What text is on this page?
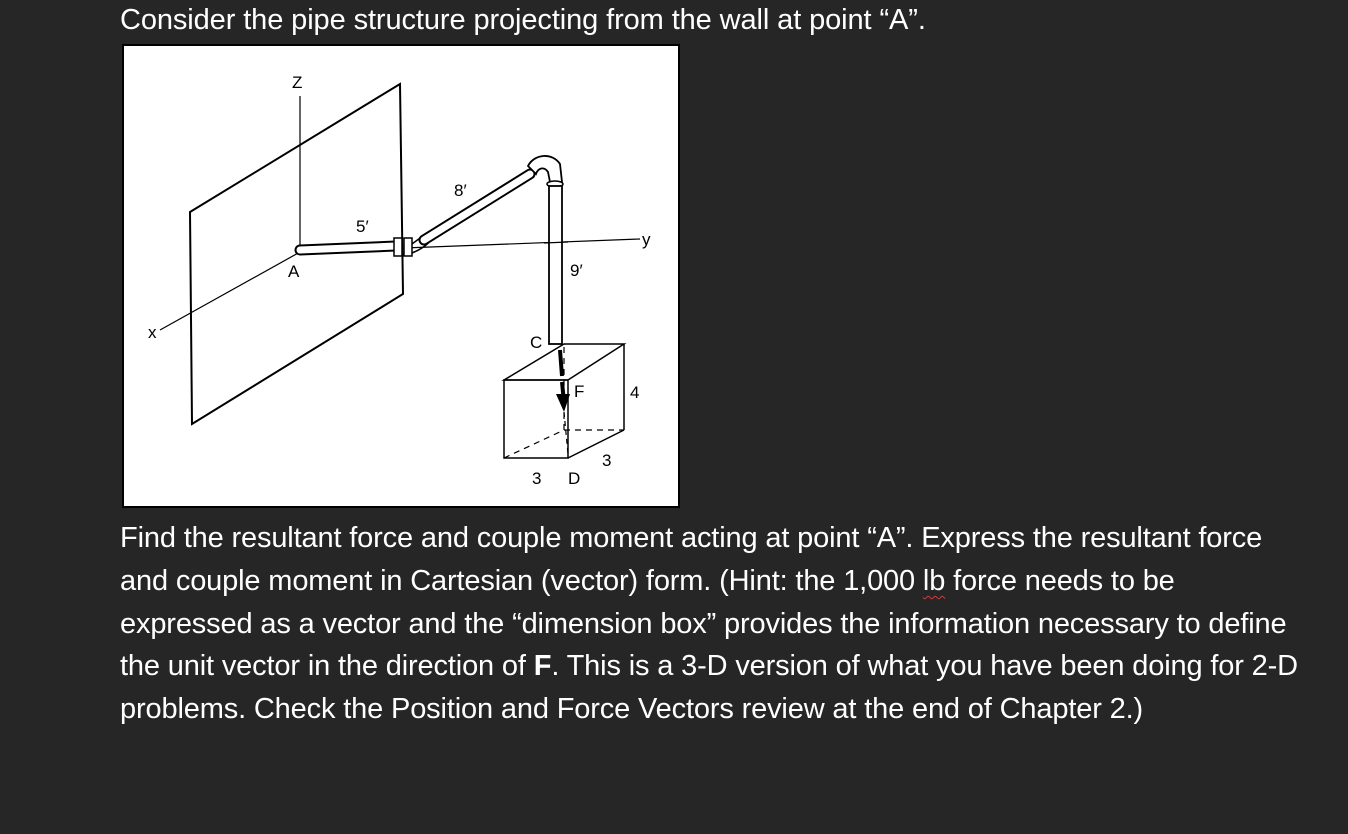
Consider the pipe structure projecting from the wall at point “A”.
Z
y
x
A
C
D
F
5′
8′
9′
4
3
3

Find the resultant force and couple moment acting at point “A”. Express the resultant force and couple moment in Cartesian (vector) form. (Hint: the 1,000 lb force needs to be expressed as a vector and the “dimension box” provides the information necessary to define the unit vector in the direction of F. This is a 3-D version of what you have been doing for 2-D problems. Check the Position and Force Vectors review at the end of Chapter 2.)
